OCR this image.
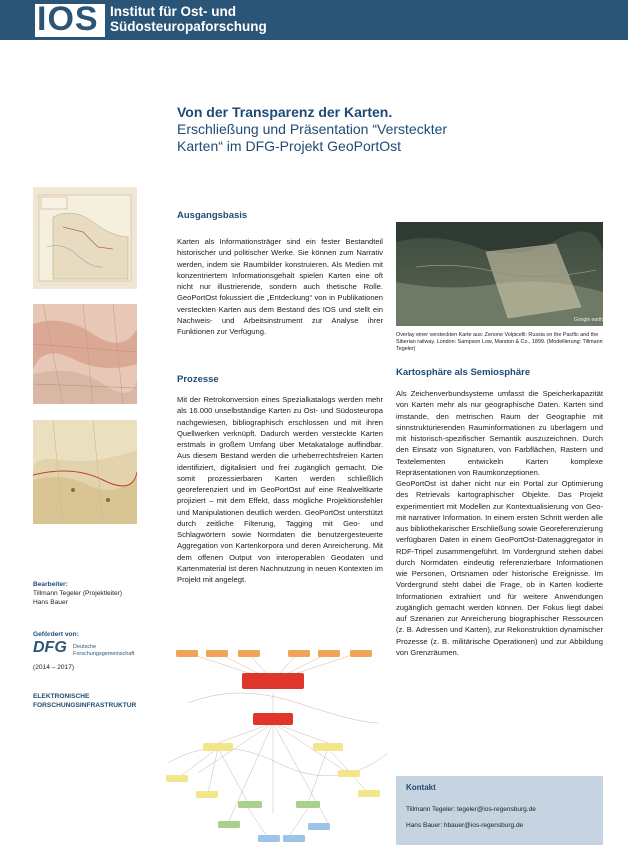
IOS Institut für Ost- und
Südosteuropaforschung
Von der Transparenz der Karten.
Erschließung und Präsentation “Versteckter
Karten“ im DFG-Projekt GeoPortOst
Ausgangsbasis
Karten als Informationsträger sind ein fester Bestandteil historischer und politischer Werke. Sie können zum Narrativ werden, indem sie Raumbilder konstruieren. Als Medien mit konzentriertem Informationsgehalt spielen Karten eine oft nicht nur illustrierende, sondern auch thetische Rolle. GeoPortOst fokussiert die „Entdeckung“ von in Publikationen versteckten Karten aus dem Bestand des IOS und stellt ein Nachweis- und Arbeitsinstrument zur Analyse ihrer Funktionen zur Verfügung.
Prozesse
Mit der Retrokonversion eines Spezialkatalogs werden mehr als 16.000 unselbständige Karten zu Ost- und Südosteuropa nachgewiesen, bibliographisch erschlossen und mit ihren Quellwerken verknüpft. Dadurch werden versteckte Karten erstmals in großem Umfang über Metakataloge auffindbar. Aus diesem Bestand werden die urheberrechtsfreien Karten identifiziert, digitalisiert und frei zugänglich gemacht. Die somit prozessierbaren Karten werden schließlich georeferenziert und im GeoPortOst auf eine Realweltkarte projiziert – mit dem Effekt, dass mögliche Projektionsfehler und Manipulationen deutlich werden. GeoPortOst unterstützt durch zeitliche Filterung, Tagging mit Geo- und Schlagwörtern sowie Normdaten die benutzergesteuerte Aggregation von Kartenkorpora und deren Anreicherung. Mit dem offenen Output von interoperablen Geodaten und Kartenmaterial ist deren Nachnutzung in neuen Kontexten im Projekt mit angelegt.
Google earth
Overlay einer versteckten Karte aus: Zenone Volpicelli: Russia on the Pacific and the Siberian railway. London: Sampson Low, Marston & Co., 1899. (Modellierung: Tillmann Tegeler)
Kartosphäre als Semiosphäre

Als Zeichenverbundsysteme umfasst die Speicherkapazität von Karten mehr als nur geographische Daten. Karten sind imstande, den metrischen Raum der Geographie mit sinnstrukturierenden Rauminformationen zu überlagern und mit historisch-spezifischer Semantik auszuzeichnen. Durch den Einsatz von Signaturen, von Farbflächen, Rastern und Textelementen entwickeln Karten komplexe Repräsentationen von Raumkonzeptionen.

GeoPortOst ist daher nicht nur ein Portal zur Optimierung des Retrievals kartographischer Objekte. Das Projekt experimentiert mit Modellen zur Kontextualisierung von Geo- mit narrativer Information. In einem ersten Schritt werden alle aus bibliothekarischer Erschließung sowie Georeferenzierung verfügbaren Daten in einem GeoPortOst-Datenaggregator in RDF-Tripel zusammengeführt. Im Vordergrund stehen dabei durch Normdaten eindeutig referenzierbare Informationen wie Personen, Ortsnamen oder historische Ereignisse. Im Vordergrund steht dabei die Frage, ob in Karten kodierte Informationen extrahiert und für weitere Anwendungen zugänglich gemacht werden können. Der Fokus liegt dabei auf Szenarien zur Anreicherung biographischer Ressourcen (z. B. Adressen und Karten), zur Rekonstruktion dynamischer Prozesse (z. B. militärische Operationen) und zur Abbildung von Grenzräumen.

Bearbeiter:
Tillmann Tegeler (Projektleiter)
Hans Bauer
Gefördert von:
DFG Deutsche
Forschungsgemeinschaft
(2014 – 2017)
ELEKTRONISCHE
FORSCHUNGSINFRASTRUKTUR
Kontakt
Tillmann Tegeler: tegeler@ios-regensburg.de
Hans Bauer: hbauer@ios-regensburg.de
